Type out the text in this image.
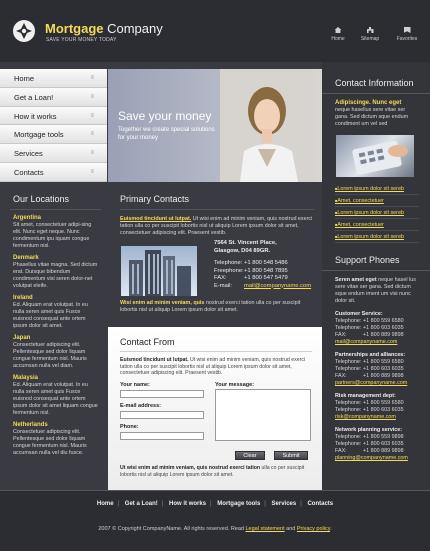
Mortgage Company
SAVE YOUR MONEY TODAY	Home	Sitemap	Favorites
Home	≡
Get a Loan!	≡
How it works	≡
Mortgage tools	≡
Services	≡
Contacts	≡
Save your money
Together we create special solutions for your money
Contact Information
Adipiscinge. Nunc eget
neque hasellus sere vitae ser gana. Sed dictum sque endum condiment um vel sed
■ Lorem ipsum dolor sit sereb
■ Amet, consectetuer
■ Lorem ipsum dolor sit sereb
■ Amet, consectetuer
■ Lorem ipsum dolor sit sereb
Support Phones
Seren amet eget neque hasel lus sere vitae ser gana. Sed dictum sque endum iment um visi nunc dolor sit.
Customer Service:
Telephone: +1 800 559 6580
Telephone: +1 800 603 6035
FAX:	+1 800 889 9898
mail@companyname.com
Partnerships and alliances:
Telephone: +1 800 559 6580
Telephone: +1 800 603 6035
FAX:	+1 800 889 9898
partners@companyname.com
Risk management dept:
Telephone: +1 800 559 6580
Telephone: +1 800 603 6035
risk@companyname.com
Network planning service:
Telephone: +1 800 559 9898
Telephone: +1 800 603 6035
FAX:	+1 800 889 9898
planning@companyname.com
Our Locations
Argentina
Sit amet, consectetuer adipi-sing elit. Nunc eget neque. Nunc condimentum ipu iquam congue fermentum nisl.
Denmark
Phasellus vitae magna. Sed dictum erat. Duisque bibendum condimentum visi seren dolor-net volutpat eleife.
Ireland
Ed. Aliquam erat volutpat. In eu nulla seren amet quis Fusce euisnod consequat ante ortem ipsum dolor sit amet.
Japan
Consectetuer adipiscing elit. Pellentesque sed dolor liquam congue fermentum nisl. Mauris accumsan nulla vel diam.
Malaysia
Ed. Aliquam erat volutpat. In eu nulla seren amet quis Fusce euisnod consequat ante ortem ipsum dolor sit amet liquam congue fermentum nisl.
Netherlands
Consectetuer adipiscing elit. Pellentesque sed dolor liquam congue fermentum nisl. Mauris accumsan nulla vel diu fusce.
Primary Contacts
Euismod tincidunt ut lutpat. Ut wisi enim ad minim veniam, quis nostrud exerci tation ulla co per suscipit lobortis nisl ut aliquip Lorem ipsum dolor sit amet, consectetuer adipiscing elit. Praesent vestib.
7564 St. Vincent Place,
Glasgow, D04 89GR.
Telephone: +1 800 548 5486
Freephone:+1 800 548 7895
FAX:	+1 800 547 5479
E-mail: mail@companyname.com
Wisi enim ad minim veniam, quis nostrud exerci tation ulla co per suscipit lobortis nisl ut aliquip Lorem ipsum dolor sit amet.
Contact From
Euismod tincidunt ut lutpat. Ut wisi enim ad minim veniam, quis nostrud exerci tation ulla co per suscipit lobortis nisl ut aliquip Lorem ipsum dolor sit amet, consectetuer adipiscing elit. Praesent vestib.
Your name:
E-mail address:
Phone:
Your message:
Clear	Submit
Ut wisi enim ad minim veniam, quis nostrud exerci tation ulla co per suscipit lobortis nisl ut aliquip Lorem ipsum dolor sit amet.
Home | Get a Loan! | How it works | Mortgage tools | Services | Contacts
2007 © Copyright CompanyName. All rights reserved. Read Legal statement and Privacy policy.
